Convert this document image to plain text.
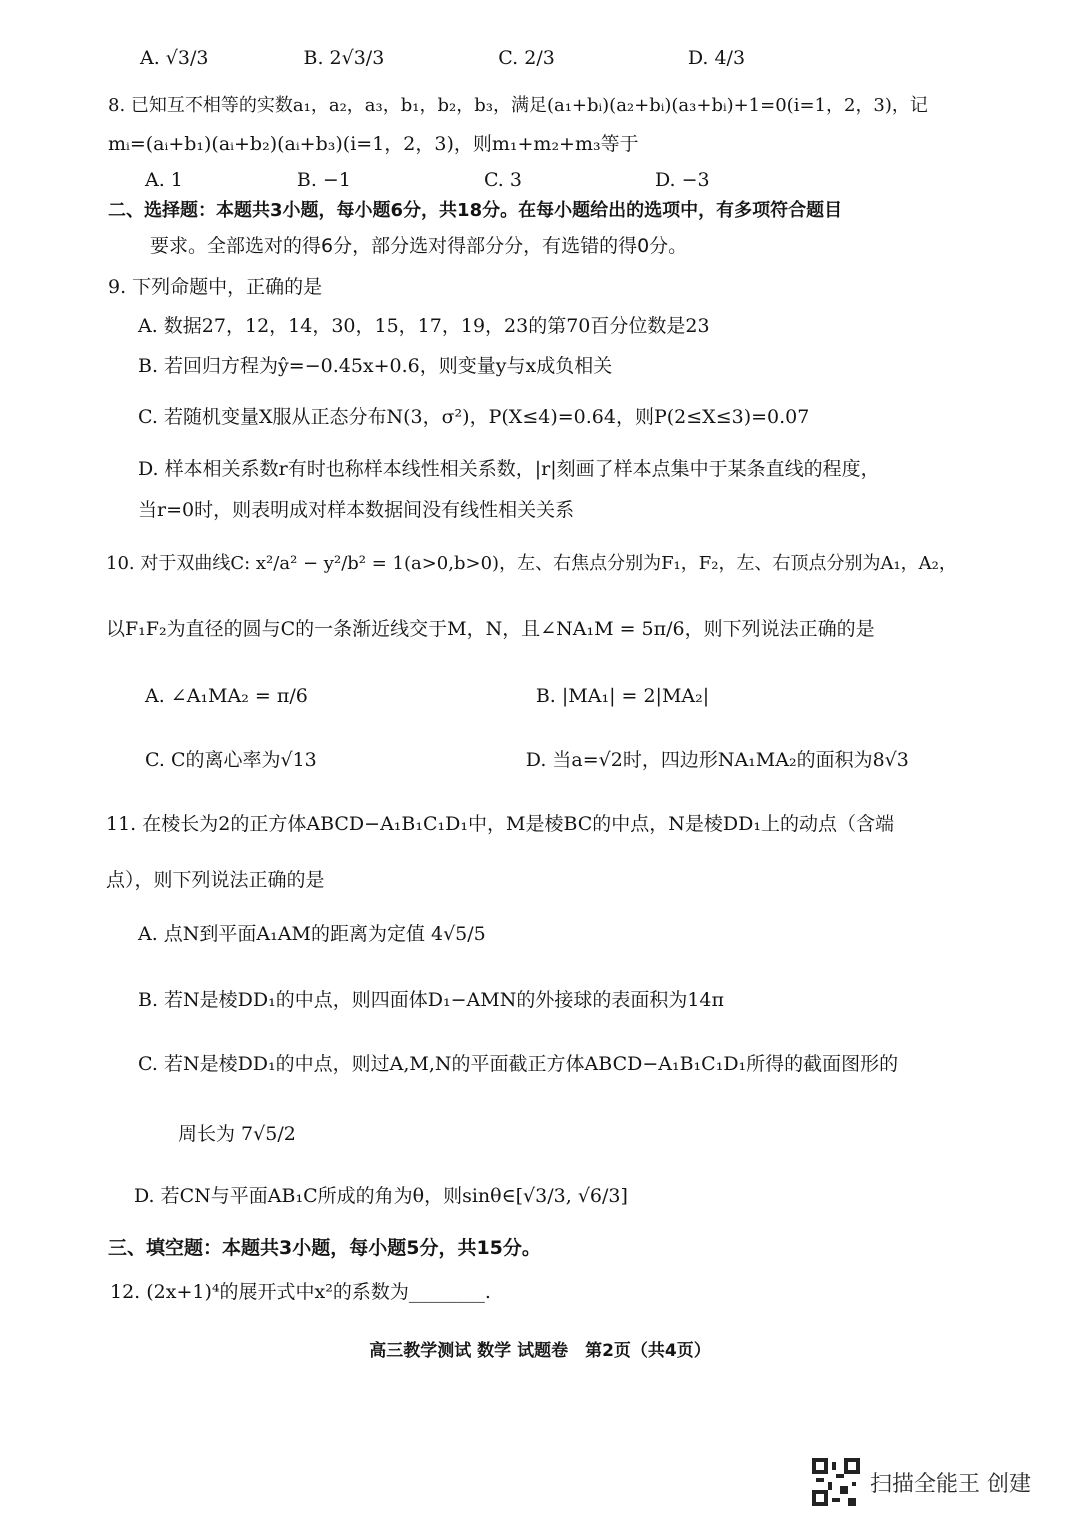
A. √3/3　　　　　B. 2√3/3　　　　　　C. 2/3　　　　　　　D. 4/3
8. 已知互不相等的实数a₁，a₂，a₃，b₁，b₂，b₃，满足(a₁+bᵢ)(a₂+bᵢ)(a₃+bᵢ)+1=0(i=1，2，3)，记
mᵢ=(aᵢ+b₁)(aᵢ+b₂)(aᵢ+b₃)(i=1，2，3)，则m₁+m₂+m₃等于
A. 1　　　　　　B. −1　　　　　　　C. 3　　　　　　　D. −3
二、选择题：本题共3小题，每小题6分，共18分。在每小题给出的选项中，有多项符合题目
要求。全部选对的得6分，部分选对得部分分，有选错的得0分。
9. 下列命题中，正确的是
A. 数据27，12，14，30，15，17，19，23的第70百分位数是23
B. 若回归方程为ŷ=−0.45x+0.6，则变量y与x成负相关
C. 若随机变量X服从正态分布N(3，σ²)，P(X≤4)=0.64，则P(2≤X≤3)=0.07
D. 样本相关系数r有时也称样本线性相关系数，|r|刻画了样本点集中于某条直线的程度，
当r=0时，则表明成对样本数据间没有线性相关关系
10. 对于双曲线C: x²/a² − y²/b² = 1(a>0,b>0)，左、右焦点分别为F₁，F₂，左、右顶点分别为A₁，A₂，
以F₁F₂为直径的圆与C的一条渐近线交于M，N，且∠NA₁M = 5π/6，则下列说法正确的是
A. ∠A₁MA₂ = π/6　　　　　　　　　　　　B. |MA₁| = 2|MA₂|
C. C的离心率为√13　　　　　　　　　　　D. 当a=√2时，四边形NA₁MA₂的面积为8√3
11. 在棱长为2的正方体ABCD−A₁B₁C₁D₁中，M是棱BC的中点，N是棱DD₁上的动点（含端
点），则下列说法正确的是
A. 点N到平面A₁AM的距离为定值 4√5/5
B. 若N是棱DD₁的中点，则四面体D₁−AMN的外接球的表面积为14π
C. 若N是棱DD₁的中点，则过A,M,N的平面截正方体ABCD−A₁B₁C₁D₁所得的截面图形的
周长为 7√5/2
D. 若CN与平面AB₁C所成的角为θ，则sinθ∈[√3/3, √6/3]
三、填空题：本题共3小题，每小题5分，共15分。
12. (2x+1)⁴的展开式中x²的系数为________.
高三教学测试 数学 试题卷　第2页（共4页）
扫描全能王 创建
